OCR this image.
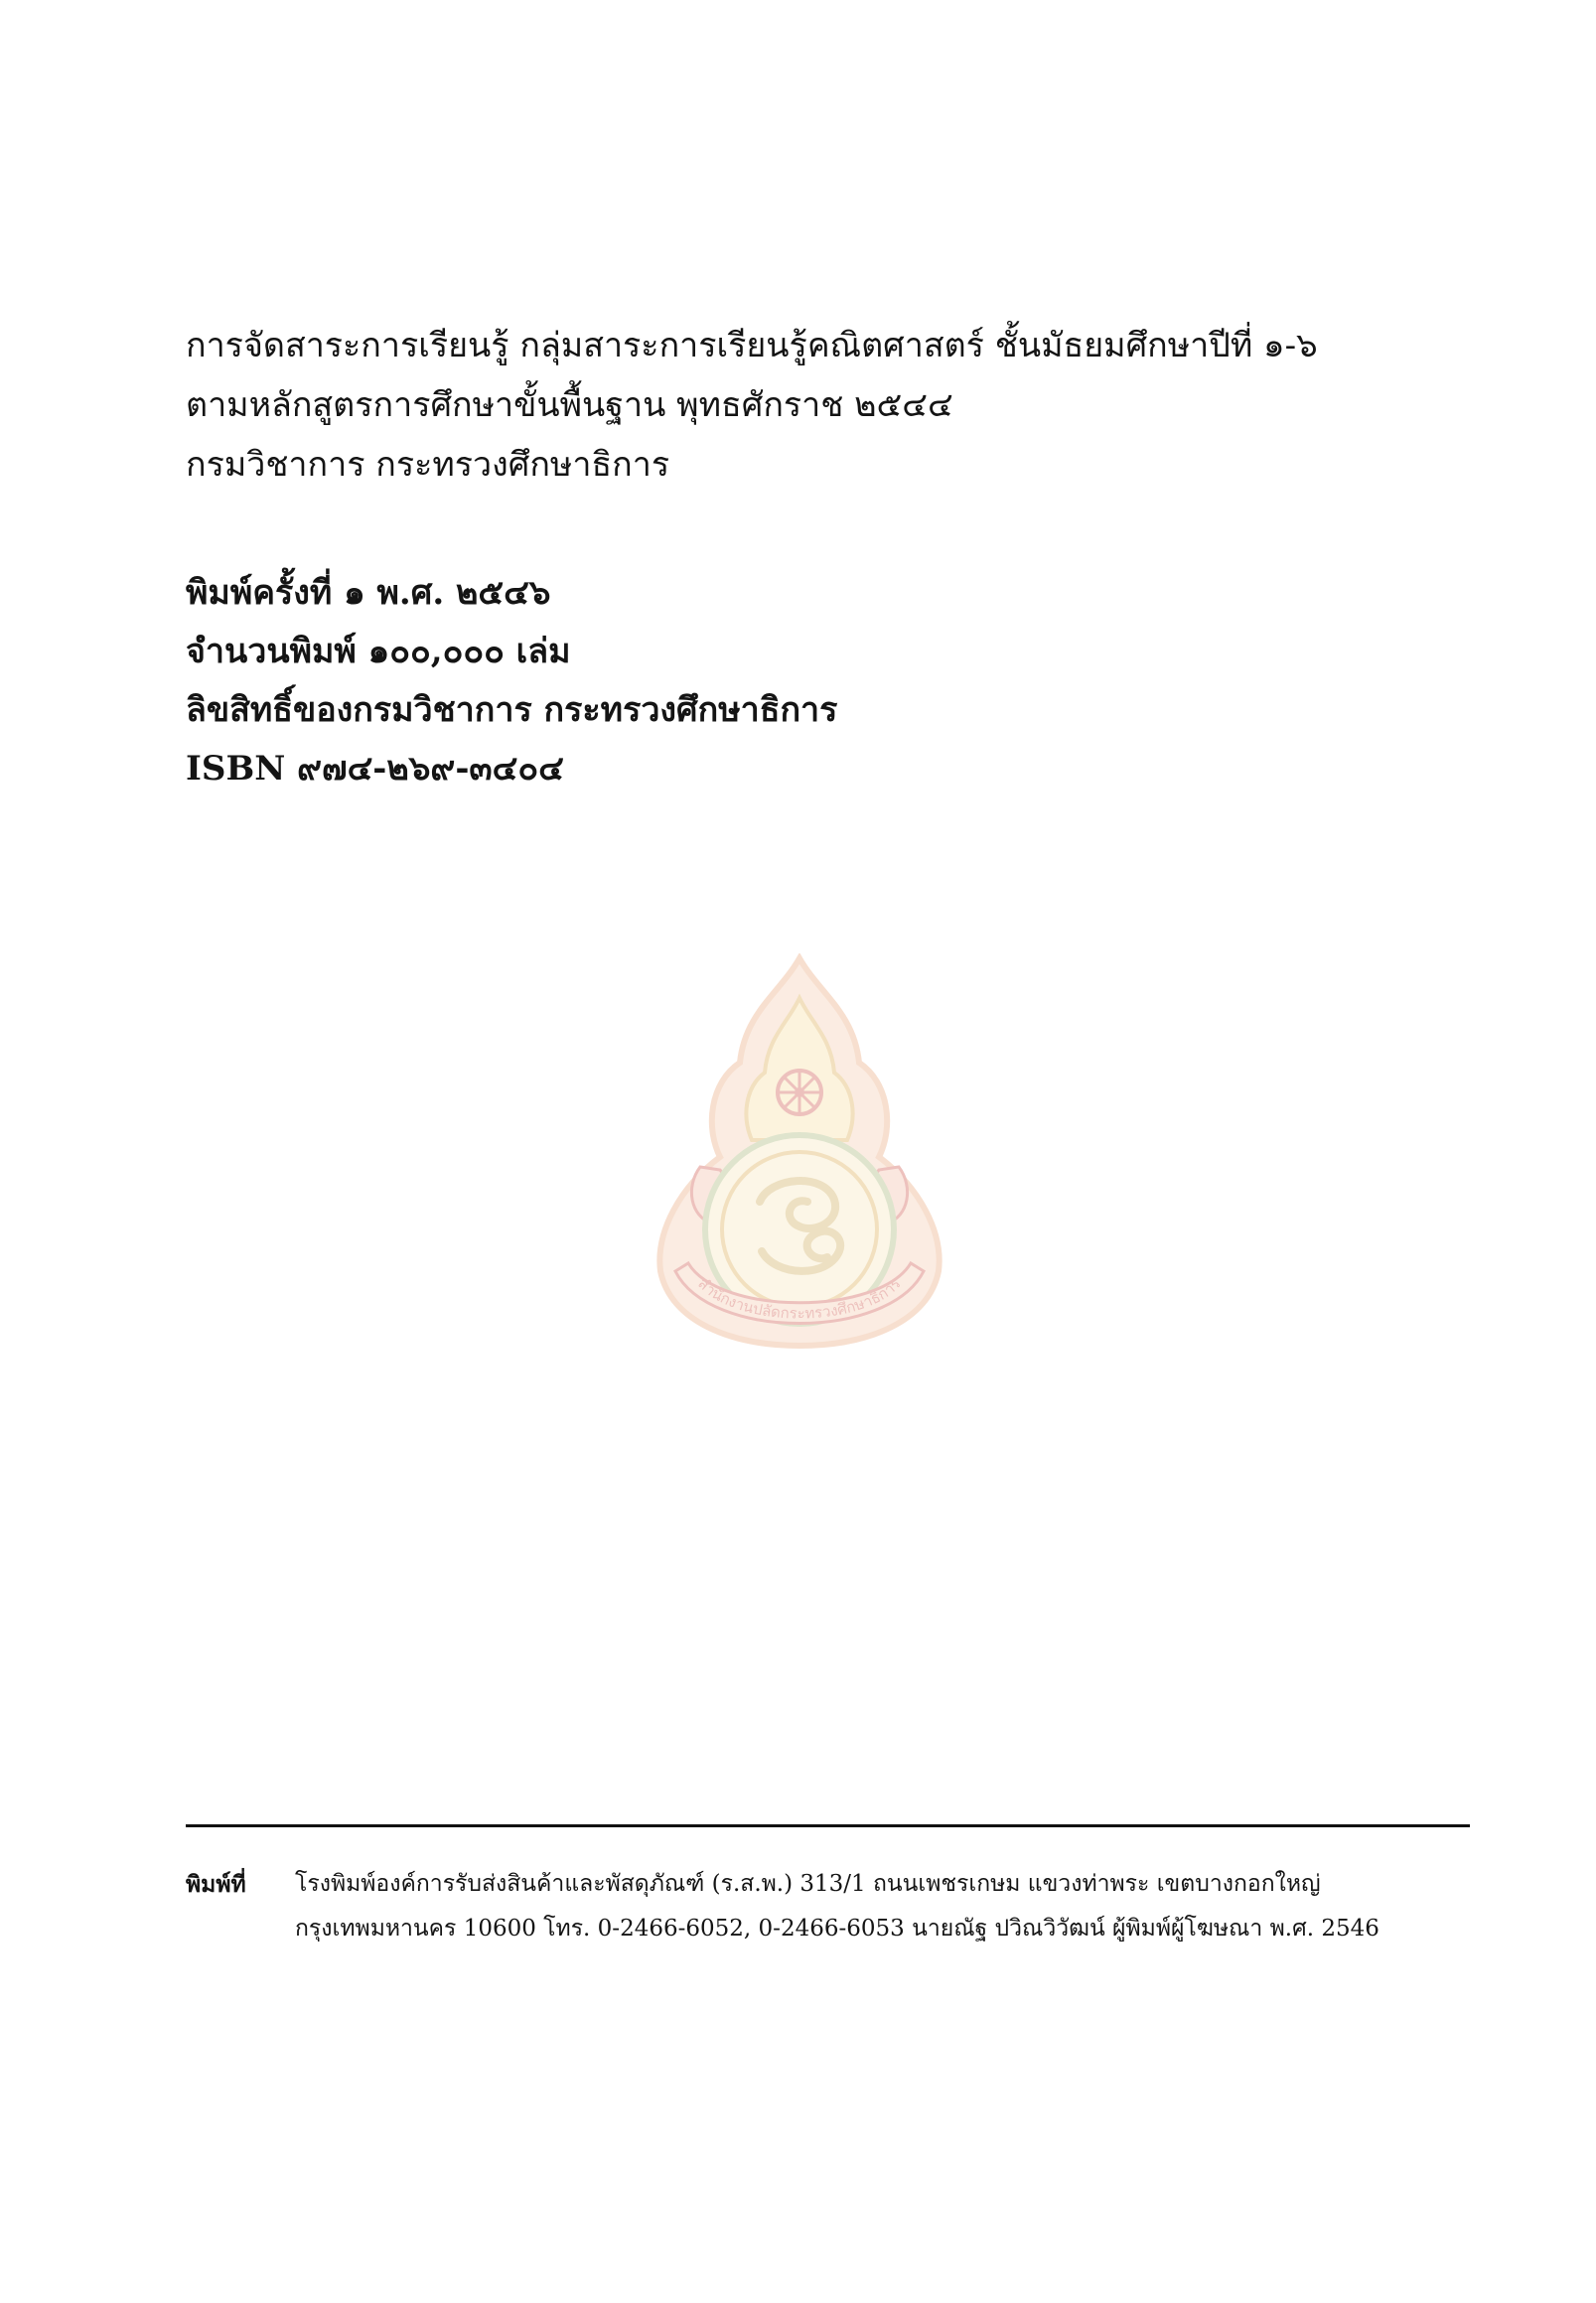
การจัดสาระการเรียนรู้ กลุ่มสาระการเรียนรู้คณิตศาสตร์ ชั้นมัธยมศึกษาปีที่ ๑-๖
ตามหลักสูตรการศึกษาขั้นพื้นฐาน พุทธศักราช ๒๕๔๔
กรมวิชาการ กระทรวงศึกษาธิการ
พิมพ์ครั้งที่ ๑ พ.ศ. ๒๕๔๖
จำนวนพิมพ์ ๑๐๐,๐๐๐ เล่ม
ลิขสิทธิ์ของกรมวิชาการ กระทรวงศึกษาธิการ
ISBN ๙๗๔-๒๖๙-๓๔๐๔
สำนักงานปลัดกระทรวงศึกษาธิการ
พิมพ์ที่ โรงพิมพ์องค์การรับส่งสินค้าและพัสดุภัณฑ์ (ร.ส.พ.) 313/1 ถนนเพชรเกษม แขวงท่าพระ เขตบางกอกใหญ่
กรุงเทพมหานคร 10600 โทร. 0-2466-6052, 0-2466-6053 นายณัฐ ปวิณวิวัฒน์ ผู้พิมพ์ผู้โฆษณา พ.ศ. 2546
